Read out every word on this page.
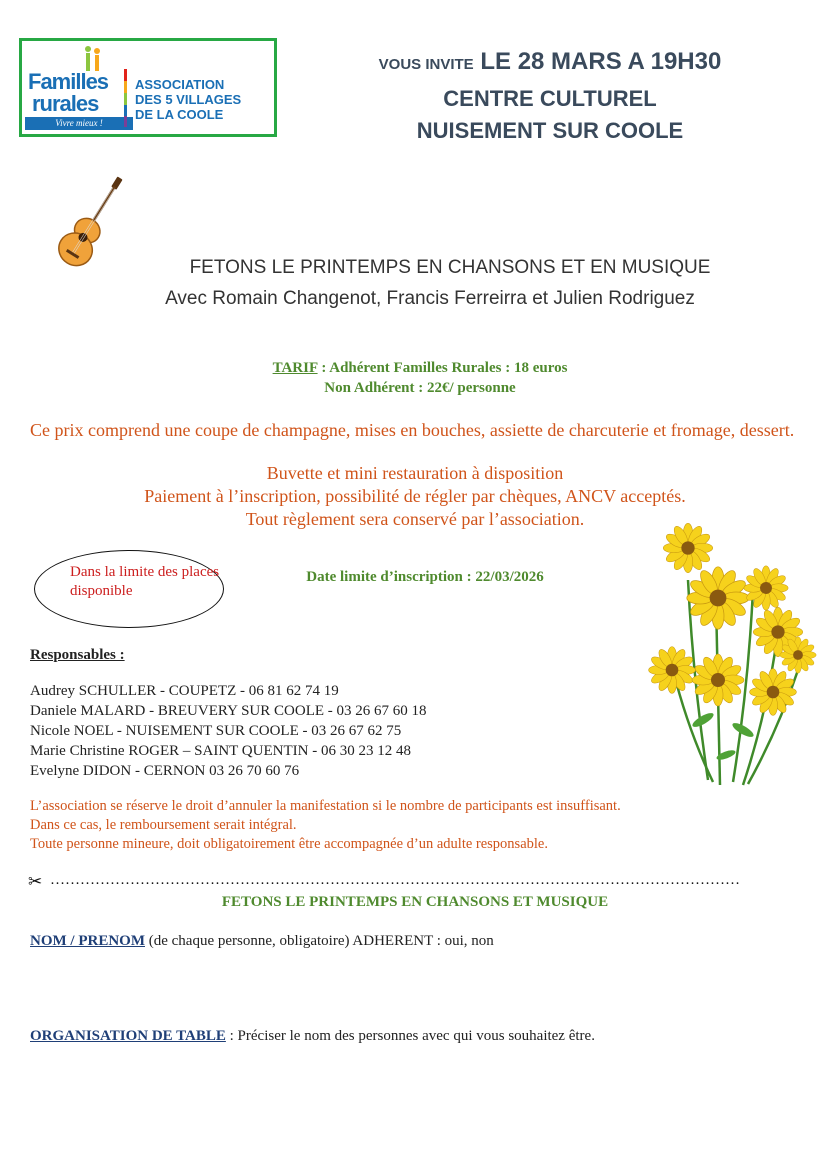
Familles
rurales
Vivre mieux !
ASSOCIATION
DES 5 VILLAGES
DE LA COOLE
VOUS INVITE LE 28 MARS A 19H30
CENTRE CULTUREL
NUISEMENT SUR COOLE
FETONS LE PRINTEMPS EN CHANSONS ET EN MUSIQUE
Avec Romain Changenot, Francis Ferreirra et Julien Rodriguez
TARIF : Adhérent Familles Rurales : 18 euros
Non Adhérent : 22€/ personne
Ce prix comprend une coupe de champagne, mises en bouches, assiette de charcuterie et fromage, dessert.
Buvette et mini restauration à disposition
Paiement à l’inscription, possibilité de régler par chèques, ANCV acceptés.
Tout règlement sera conservé par l’association.
Dans la limite des places disponible
Date limite d’inscription : 22/03/2026
Responsables :
Audrey SCHULLER - COUPETZ - 06 81 62 74 19
Daniele MALARD - BREUVERY SUR COOLE - 03 26 67 60 18
Nicole NOEL - NUISEMENT SUR COOLE - 03 26 67 62 75
Marie Christine ROGER – SAINT QUENTIN - 06 30 23 12 48
Evelyne DIDON - CERNON 03 26 70 60 76
L’association se réserve le droit d’annuler la manifestation si le nombre de participants est insuffisant.
Dans ce cas, le remboursement serait intégral.
Toute personne mineure, doit obligatoirement être accompagnée d’un adulte responsable.
✂ …………………………………………………………………………………………………………………………
FETONS LE PRINTEMPS EN CHANSONS ET MUSIQUE
NOM / PRENOM (de chaque personne, obligatoire) ADHERENT : oui, non
ORGANISATION DE TABLE : Préciser le nom des personnes avec qui vous souhaitez être.
